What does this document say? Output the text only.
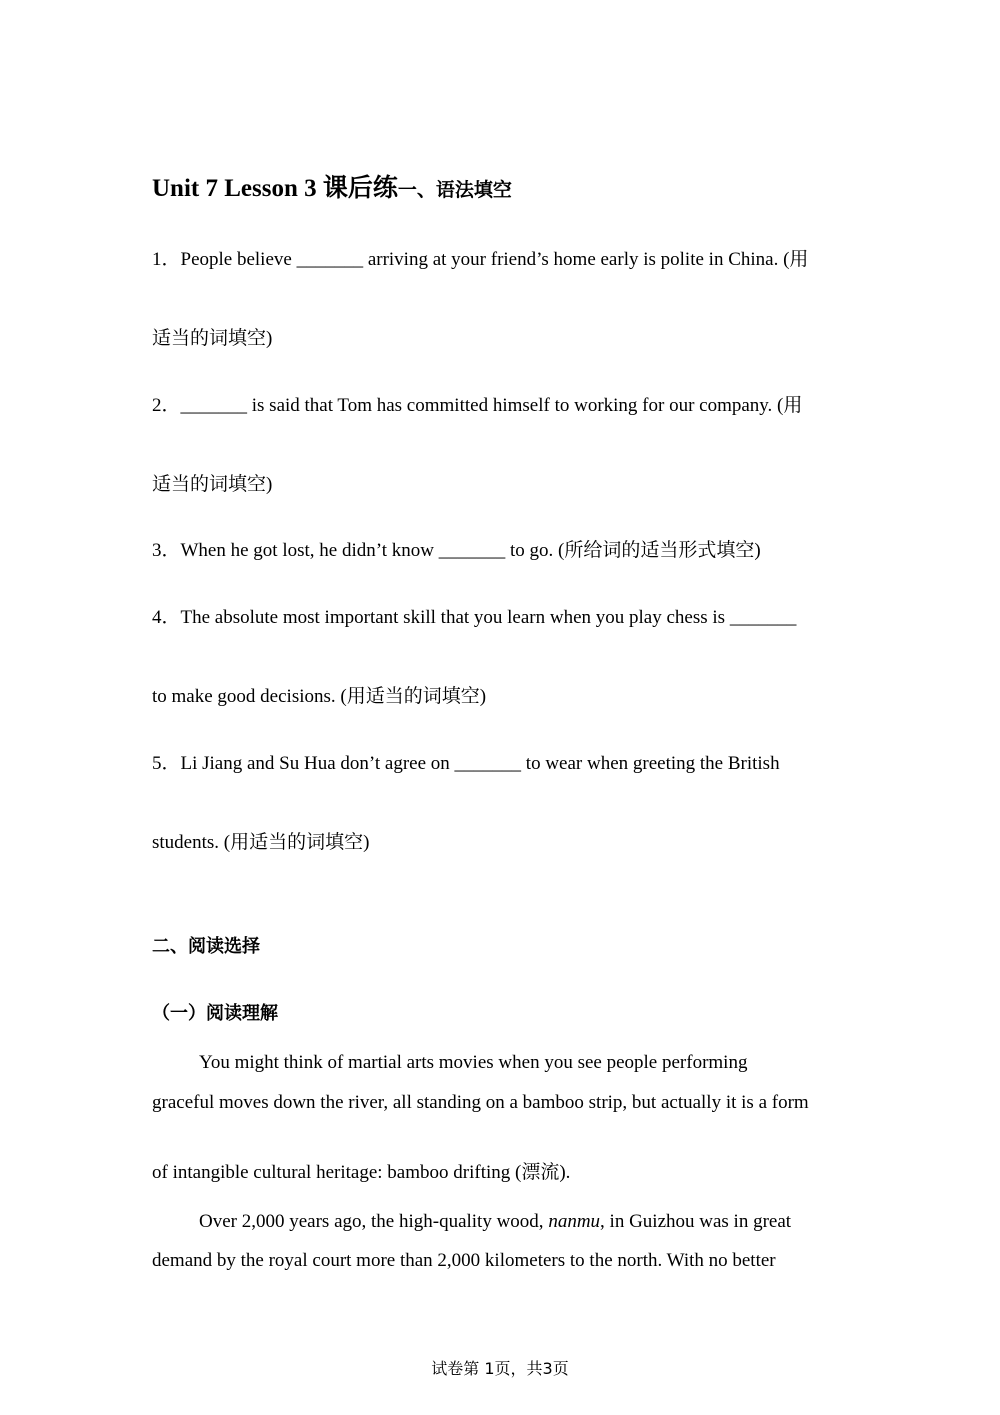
Unit 7 Lesson 3 课后练一、语法填空
1．People believe _______ arriving at your friend’s home early is polite in China. (用
适当的词填空)
2．_______ is said that Tom has committed himself to working for our company. (用
适当的词填空)
3．When he got lost, he didn’t know _______ to go. (所给词的适当形式填空)
4．The absolute most important skill that you learn when you play chess is _______
to make good decisions. (用适当的词填空)
5．Li Jiang and Su Hua don’t agree on _______ to wear when greeting the British
students. (用适当的词填空)
二、阅读选择
（一）阅读理解
You might think of martial arts movies when you see people performing
graceful moves down the river, all standing on a bamboo strip, but actually it is a form
of intangible cultural heritage: bamboo drifting (漂流).
Over 2,000 years ago, the high-quality wood, nanmu, in Guizhou was in great
demand by the royal court more than 2,000 kilometers to the north. With no better
试卷第 1页，共3页
